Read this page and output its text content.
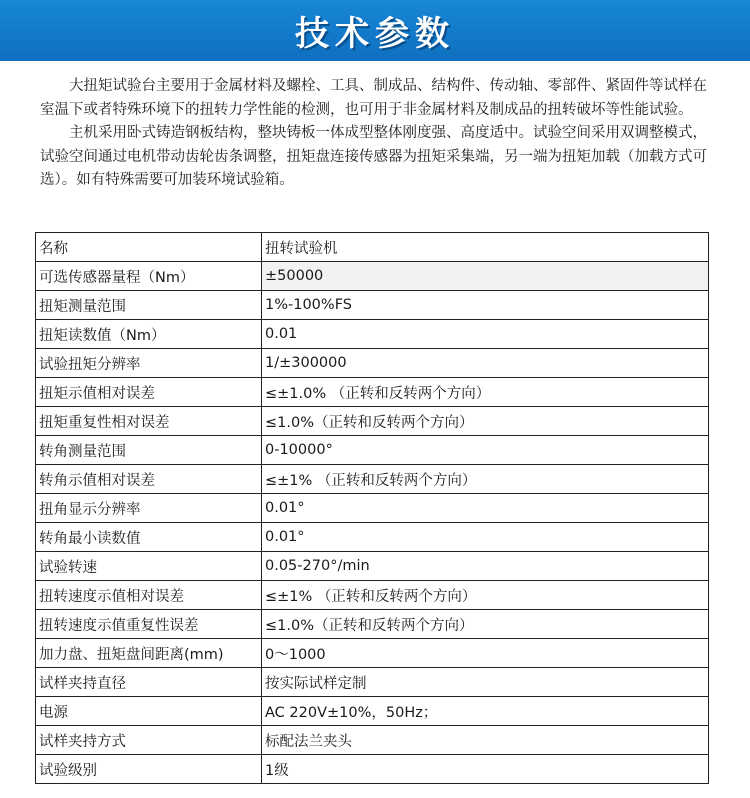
技术参数

大扭矩试验台主要用于金属材料及螺栓、工具、制成品、结构件、传动轴、零部件、紧固件等试样在室温下或者特殊环境下的扭转力学性能的检测，也可用于非金属材料及制成品的扭转破坏等性能试验。

主机采用卧式铸造钢板结构，整块铸板一体成型整体刚度强、高度适中。试验空间采用双调整模式，试验空间通过电机带动齿轮齿条调整，扭矩盘连接传感器为扭矩采集端，另一端为扭矩加载（加载方式可选）。如有特殊需要可加装环境试验箱。

名称	扭转试验机
可选传感器量程（Nm）	±50000
扭矩测量范围	1%-100%FS
扭矩读数值（Nm）	0.01
试验扭矩分辨率	1/±300000
扭矩示值相对误差	≤±1.0% （正转和反转两个方向）
扭矩重复性相对误差	≤1.0%（正转和反转两个方向）
转角测量范围	0-10000°
转角示值相对误差	≤±1% （正转和反转两个方向）
扭角显示分辨率	0.01°
转角最小读数值	0.01°
试验转速	0.05-270°/min
扭转速度示值相对误差	≤±1% （正转和反转两个方向）
扭转速度示值重复性误差	≤1.0%（正转和反转两个方向）
加力盘、扭矩盘间距离(mm)	0～1000
试样夹持直径	按实际试样定制
电源	AC 220V±10%，50Hz；
试样夹持方式	标配法兰夹头
试验级别	1级
